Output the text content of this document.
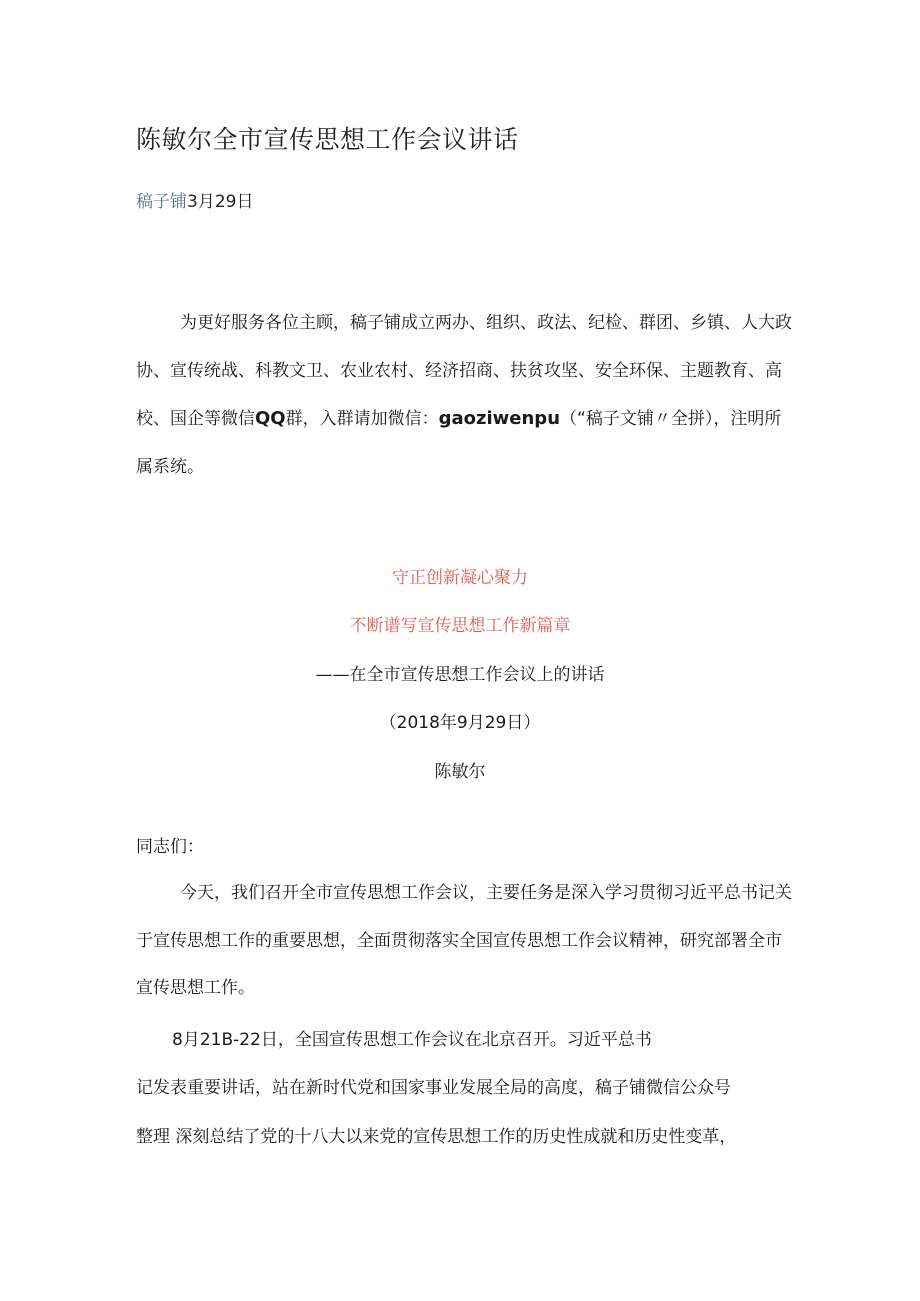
陈敏尔全市宣传思想工作会议讲话
稿子铺3月29日

为更好服务各位主顾，稿子铺成立两办、组织、政法、纪检、群团、乡镇、人大政协、宣传统战、科教文卫、农业农村、经济招商、扶贫攻坚、安全环保、主题教育、高校、国企等微信QQ群，入群请加微信：gaoziwenpu（“稿子文铺〃全拼），注明所属系统。

守正创新凝心聚力
不断谱写宣传思想工作新篇章
——在全市宣传思想工作会议上的讲话
（2018年9月29日）
陈敏尔
同志们：

今天，我们召开全市宣传思想工作会议，主要任务是深入学习贯彻习近平总书记关于宣传思想工作的重要思想，全面贯彻落实全国宣传思想工作会议精神，研究部署全市宣传思想工作。

8月21B-22日，全国宣传思想工作会议在北京召开。习近平总书
记发表重要讲话，站在新时代党和国家事业发展全局的高度，稿子铺微信公众号
整理 深刻总结了党的十八大以来党的宣传思想工作的历史性成就和历史性变革，
